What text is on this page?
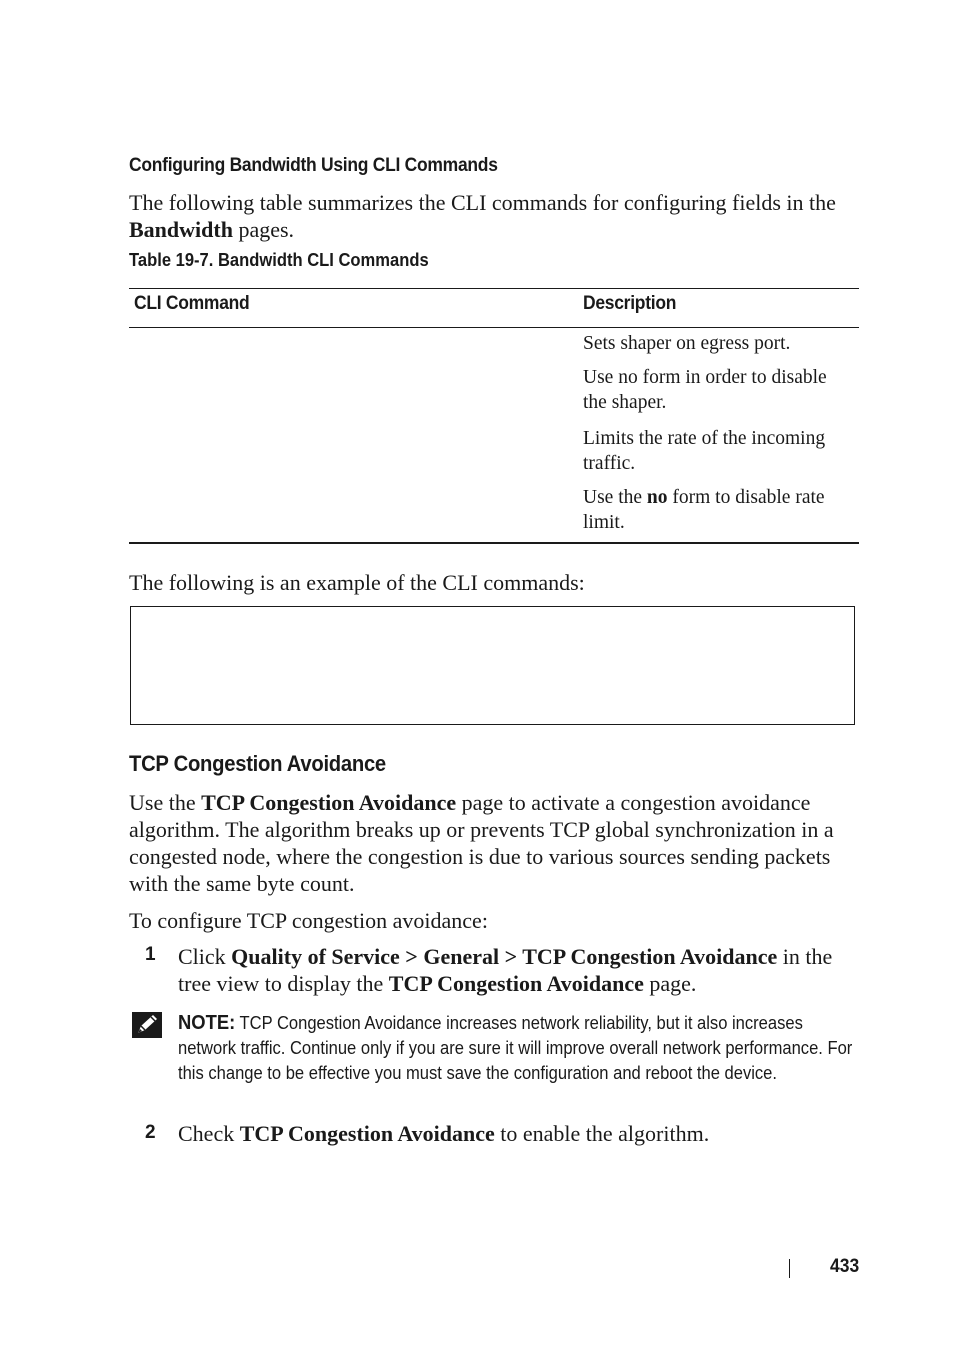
Configuring Bandwidth Using CLI Commands

The following table summarizes the CLI commands for configuring fields in the Bandwidth pages.

Table 19-7. Bandwidth CLI Commands
CLI Command	Description
Sets shaper on egress port.
Use no form in order to disable the shaper.
Limits the rate of the incoming traffic.
Use the no form to disable rate limit.
The following is an example of the CLI commands:
TCP Congestion Avoidance

Use the TCP Congestion Avoidance page to activate a congestion avoidance algorithm. The algorithm breaks up or prevents TCP global synchronization in a congested node, where the congestion is due to various sources sending packets with the same byte count.

To configure TCP congestion avoidance:
1 Click Quality of Service > General > TCP Congestion Avoidance in the tree view to display the TCP Congestion Avoidance page.

NOTE: TCP Congestion Avoidance increases network reliability, but it also increases network traffic. Continue only if you are sure it will improve overall network performance. For this change to be effective you must save the configuration and reboot the device.
2 Check TCP Congestion Avoidance to enable the algorithm.

433
